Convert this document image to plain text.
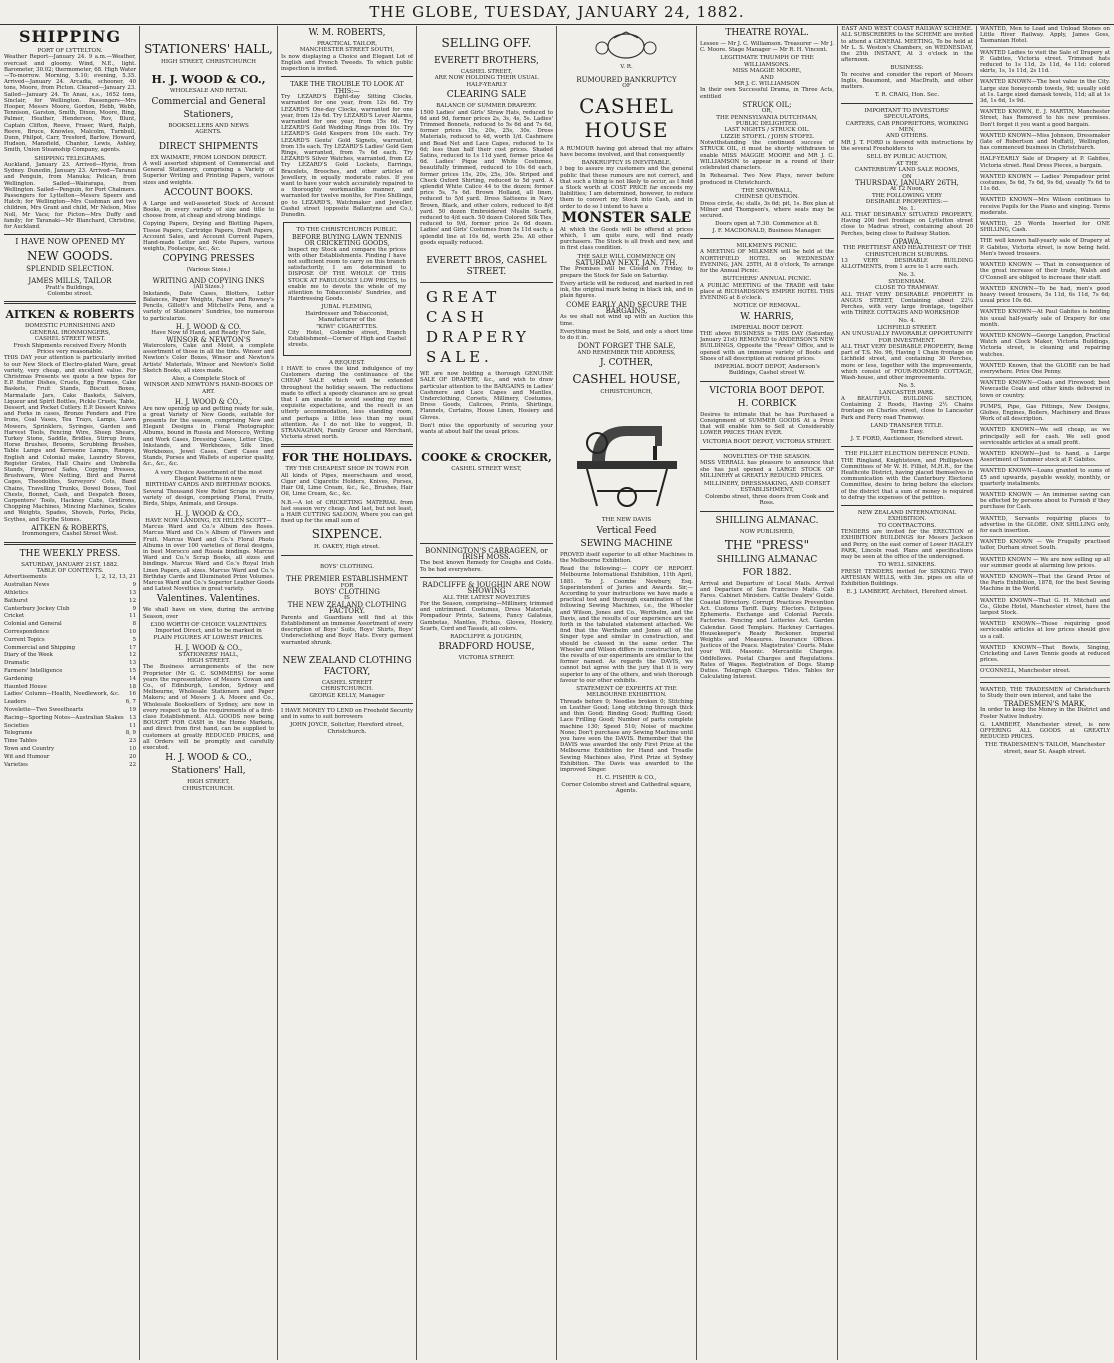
THE GLOBE, TUESDAY, JANUARY 24, 1882.
SHIPPING
PORT OF LYTTELTON.
Weather Report—January 24. 9 a.m.—Weather, overcast and gloomy. Wind, N.E., light. Barometer, 30.02; thermometer, 68. High Water—To-morrow. Morning, 5.10; evening, 5.35. Arrived—January 24. Arcadia, schooner, 40 tons, Moore, from Picton. Cleared—January 23. Sailed—January 24. Te Anau, s.s., 1652 tons, Sinclair, for Wellington. Passengers—Mrs Hooper, Messrs Moore, Gordon, Hebb, Webb, Tennison, Garston, Smith, Dixon, Moore, Bing, Palmer, Heather, Henderson, Rov, Blunt, Captain Clifton, Reeve, Fraser, Ward, Ralph, Reeve, Bruce, Knowles, Malcolm, Turnbull, Dunn, Philpot, Carr, Tresford, Barlow, Howard, Hudson, Mansfield, Chanter, Lewis, Ashley, Smith, Union Steamship Company, agents.
SHIPPING TELEGRAMS.
Auckland, January 23. Arrived—Hyrie, from Sydney. Dunedin, January 23. Arrived—Taranui and Penguin, from Manuka; Pelican, from Wellington. Sailed—Wairarapa, from Wellington. Sailed—Penguin, for Port Chalmers. Passengers for Lyttelton—Messrs Speers and Hatch; for Wellington—Mrs Cushman and two children, Mrs Grant and child, Mr Nelson, Miss Noll, Mr Vace; for Picton—Mrs Duffy and family; for Taranaki—Mr Blanchard, Christine, for Auckland.
I HAVE NOW OPENED MY
NEW GOODS.
SPLENDID SELECTION.
JAMES MILLS, TAILOR
Pratt's Buildings,
Colombo street.
AITKEN & ROBERTS
DOMESTIC FURNISHING AND
GENERAL IRONMONGERS,
CASHEL STREET WEST.
Fresh Shipments received Every Month
Prices very reasonable.
THIS DAY your attention is particularly invited to our New Stock of Electro-plated Ware, great variety, very cheap, and excellent value. For Christmas Presents we quote a few types for E.P. Butter Dishes, Cruets, Egg Frames, Cake Baskets, Fruit Stands, Biscuit Boxes, Marmalade Jars, Cake Baskets, Salvers, Liqueur and Spirit Bottles, Pickle Cruets, Table, Dessert, and Pocket Cutlery. E.P. Dessert Knives and Forks in cases, Bronze Fenders and Fire Irons, Coal Vases, Tea Trays, Lamps, Lawn Mowers, Sprinklers, Syringes, Garden and Harvest Tools, Fencing Wire, Sheep Shears, Turkey Stone, Saddle, Bridles, Stirrup Irons, Horse Brushes, Brooms, Scrubbing Brushes, Table Lamps and Kerosene Lamps, Ranges, English and Colonial make, Laundry Stoves, Register Grates, Hall Chairs and Umbrella Stands, Fireproof Safes, Copying Presses, Brushware, Wire Netting, Bird and Parrot Cages, Theodolites, Surveyors' Cots, Band Chains, Travelling Trunks, Dowel Boxes, Tool Chests, Bonnet, Cash, and Despatch Boxes, Carpenters' Tools, Hackney Cabs, Gridirons, Chopping Machines, Mincing Machines, Scales and Weights, Spades, Shovels, Forks, Picks, Scythes, and Scythe Stones.
AITKEN & ROBERTS,
Ironmongers, Cashel Street West.
THE WEEKLY PRESS.
SATURDAY, JANUARY 21ST, 1882.
TABLE OF CONTENTS.
Advertisements	1, 2, 12, 13, 21
Australian News	9
Athletics	13
Bathurst	12
Canterbury Jockey Club	9
Cricket	11
Colonial and General	8
Correspondence	10
Current Topics	5
Commercial and Shipping	17
Diary of the Week	12
Dramatic	13
Farmers' Intelligence	15
Gardening	14
Haunted House	18
Ladies' Column—Health, Needlework, &c. 16
Leaders	6, 7
Novelette—Two Sweethearts	19
Racing—Sporting Notes—Australian Stakes 13
Societies	11
Telegrams	8, 9
Time Tables	23
Town and Country	10
Wit and Humour	20
Varieties	22
STATIONERS' HALL,
HIGH STREET, CHRISTCHURCH
H. J. WOOD & CO.,
WHOLESALE AND RETAIL
Commercial and General
Stationers,
BOOKSELLERS AND NEWS
AGENTS.
DIRECT SHIPMENTS
EX WAIMATE, FROM LONDON DIRECT.
A well assorted shipment of Commercial and General Stationery, comprising a Variety of Superior Writing and Printing Papers, various sizes and weights.
ACCOUNT BOOKS.
A Large and well-assorted Stock of Account Books, in every variety of size and title to choose from, at cheap and strong bindings.
Copying Papers, Drying and Blotting Papers, Tissue Papers, Cartridge Papers, Draft Papers, Account Sales, and Account Current Papers, Hand-made Letter and Note Papers, various weights, Foolscaps, &c., &c.
COPYING PRESSES
(Various Sizes.)
WRITING AND COPYING INKS
(All Sizes.)
Inkstands, Date Cases, Blotters, Letter Balances, Paper Weights, Faber and Rowney's Pencils, Gillott's and Mitchell's Pens, and a variety of Stationers' Sundries, too numerous to particularize.
H. J. WOOD & CO.
Have Now to Hand, and Ready For Sale,
WINSOR & NEWTON'S
Watercolors, Cake and Moist, a complete assortment of those in all the tints. Winsor and Newton's Color Boxes, Winsor and Newton's Artists' Materials, Winsor and Newton's Solid Sketch Books, all sizes made.
Also, a Complete Stock of
WINSOR AND NEWTON'S HAND-BOOKS OF ART.
H. J. WOOD & CO.,
Are now opening up and getting ready for sale, a great Variety of New Goods, suitable for presents for the season, comprising New and Elegant Designs in Floral Photographic Albums, bound in Russia and Morocco, Writing and Work Cases, Dressing Cases, Letter Clips, Inkstands, and Workboxes, Silk lined Workboxes, Jewel Cases, Card Cases and Stands, Purses and Wallets of superior quality, &c., &c., &c.
A very Choice Assortment of the most Elegant Patterns in new
BIRTHDAY CARDS AND BIRTHDAY BOOKS.
Several Thousand New Relief Scraps in every variety of design, comprising Floral, Fruits, Birds, Ships, Animals, and Groups.
H. J. WOOD & CO.,
HAVE NOW LANDING, EX HELEN SCOTT—
Marcus Ward and Co.'s Album des Roses. Marcus Ward and Co.'s Album of Flowers and Fruit. Marcus Ward and Co.'s Floral Photo Albums in over 100 varieties of floral designs, in best Morocco and Russia bindings. Marcus Ward and Co.'s Scrap Books, all sizes and bindings. Marcus Ward and Co.'s Royal Irish Linen Papers, all sizes. Marcus Ward and Co.'s Birthday Cards and Illuminated Prize Volumes. Marcus Ward and Co.'s Superior Leather Goods and Latest Novelties in great variety.
Valentines. Valentines.
We shall have on view, during the arriving Season, over
£300 WORTH OF CHOICE VALENTINES
Imported Direct, and to be marked in
PLAIN FIGURES AT LOWEST PRICES.
H. J. WOOD & CO.,
STATIONERS' HALL,
HIGH STREET.
The Business arrangements of the new Proprietor (Mr G. C. SOMMERS) for some years the representative of Messrs Cowan and Co., of Edinburgh, London, Sydney and Melbourne, Wholesale Stationers and Paper Makers; and of Messrs J. A. Moore and Co., Wholesale Booksellers of Sydney, are now in every respect up to the requirements of a first-class Establishment. ALL GOODS now being BOUGHT FOR CASH in the Home Markets, and direct from first hand, can be supplied to customers at greatly REDUCED PRICES, and all Orders will be promptly and carefully executed.
H. J. WOOD & CO.,
Stationers' Hall,
HIGH STREET,
CHRISTCHURCH.
W. M. ROBERTS,
PRACTICAL TAILOR,
MANCHESTER STREET SOUTH,
Is now displaying a Choice and Elegant Lot of English and French Tweeds. To which public inspection is invited.
TAKE THE TROUBLE TO LOOK AT THIS:—
Try LEZARD'S Eight-day Sitting Clocks, warranted for one year, from 12s 6d. Try LEZARD'S One-day Clocks, warranted for one year, from 12s 6d. Try LEZARD'S Lever Alarms, warranted for one year, from 15s 6d. Try LEZARD'S Gold Wedding Rings from 10s. Try LEZARD'S Gold Keepers from 10s each. Try LEZARD'S Genta' Gold Signets, warranted, from 15s each. Try LEZARD'S Ladies' Gold Gem Rings, warranted, from 7s 6d each. Try LEZARD'S Silver Watches, warranted, from £2. Try LEZARD'S Gold Lockets, Earrings, Bracelets, Brooches, and other articles of Jewellery, in equally moderate rates. If you want to have your watch accurately repaired to a thoroughly workmanlike manner, and warranted for twelve months, for Five Shillings, go to LEZARD'S, Watchmaker and Jeweller, Cashel street (opposite Ballantyne and Co.), Dunedin.
TO THE CHRISTCHURCH PUBLIC.
BEFORE BUYING LAWN TENNIS OR CRICKETING GOODS,
Inspect my Stock and compare the prices with other Establishments. Finding I have not sufficient room to carry on this branch satisfactorily, I am determined to DISPOSE OF THE WHOLE OF THIS STOCK AT FABULOUSLY LOW PRICES, to enable me to devote the whole of my attention to Tobacconists' Sundries, and Hairdressing Goods.
JUBAL FLEMING,
Hairdresser and Tobacconist, Manufacturer of the
"KIWI" CIGARETTES.
City Hotel, Colombo street, Branch Establishment—Corner of High and Cashel streets.
A REQUEST.
I HAVE to crave the kind indulgence of my Customers during the continuance of the CHEAP SALE which will be extended throughout the holiday season. The reductions made to effect a speedy clearance are so great that I am unable to avoid seeding my most exquisite expectations, and the result is an utterly accommodation, less standing room, and perhaps a little less than my usual attention. As I do not like to suggest, D. STRANAGHAN, Family Grocer and Merchant, Victoria street north.
FOR THE HOLIDAYS.
TRY THE CHEAPEST SHOP IN TOWN FOR
All kinds of Pipes, meerschaum and wood, Cigar and Cigarette Holders, Knives, Purses, Hair Oil, Lime Cream, &c., &c., Brushes, Hair Oil, Lime Cream, &c., &c.
N.B.—A lot of CRICKETING MATERIAL from last season very cheap. And last, but not least, a HAIR CUTTING SALOON, Where you can get fixed up for the small sum of
SIXPENCE.
H. OAKEY, High street.
BOYS' CLOTHING.
THE PREMIER ESTABLISHMENT
FOR
BOYS' CLOTHING
IS
THE NEW ZEALAND CLOTHING FACTORY.
Parents and Guardians will find at this Establishment an immense Assortment of every description of Boys' Suits, Boys' Shirts, Boys' Undersclothing and Boys' Hats. Every garment warranted shrunk.
NEW ZEALAND CLOTHING FACTORY,
CASHEL STREET
CHRISTCHURCH.
GEORGE KELLY, Manager
I HAVE MONEY TO LEND on Freehold Security and in sums to suit borrowers
JOHN JOYCE, Solicitor, Hereford street, Christchurch.
SELLING OFF.
EVERETT BROTHERS,
CASHEL STREET,
ARE NOW HOLDING THEIR USUAL
HALF-YEARLY
CLEARING SALE
BALANCE OF SUMMER DRAPERY.
1500 Ladies' and Girls' Straw Hats, reduced to 6d and 9d, former prices 2s, 3s, 4s, 5s. Ladies' Trimmed Bonnets, reduced to 5s 6d and 7s 6d, former prices 15s, 20s, 25s, 30s. Dress Materials, reduced to 4d, worth 1/d. Cashmere and Bead Net and Lace Capes, reduced to 1s 6d; less than half their cost prices. Shaded Satins, reduced to 1s 11d yard, former price 4s 6d. Ladies' Pique and White Costumes, beautifully trimmed, reduced to 10s 6d each, former prices 15s, 20s, 25s, 30s. Striped and Check Oxford Shirting, reduced to 5d yard. A splendid White Calico 44 to the dozen; former price 5s, 7s 6d. Brown Holland, all linen, reduced to 5/d yard. Dress Satteens in Navy Brown, Black, and other colors, reduced to 8/d yard. 50 dozen Embroidered Muslin Scarfs, reduced to 4/d each. 50 dozen Colored Silk Ties, reduced to 9/d, former price 2s 6d dozen. Ladies' and Girls' Costumes from 5s 11d each; a splendid line at 10s 6d, worth 25s. All other goods equally reduced.
EVERETT BROS, CASHEL STREET.
GREAT CASH DRAPERY SALE.
WE are now holding a thorough GENUINE SALE OF DRAPERY, &c., and wish to draw particular attention to the BARGAINS in Ladies' Cashmere and Lace Capes and Mantles, Underclothing, Corsets, Millinery, Costumes, Dress Goods, Calicoes, Prints, Shirtings, Flannels, Curtains, House Linen, Hosiery and Gloves.
Don't miss the opportunity of securing your wants at about half the usual prices.
COOKE & CROCKER,
CASHEL STREET WEST,
BONNINGTON'S CARRAGEEN, or IRISH MOSS.
The best known Remedy for Coughs and Colds. To be had everywhere.
RADCLIFFE & JOUGHIN ARE NOW SHOWING
ALL THE LATEST NOVELTIES
For the Season, comprising—Millinery, trimmed and untrimmed. Costumes, Dress Materials, Pompadour Prints, Sateens, Fancy Galateas, Gambetas, Mantles, Fichus, Gloves, Hosiery, Scarfs, Cord and Tassels, all colors.
RADCLIFFE & JOUGHIN,
BRADFORD HOUSE,
VICTORIA STREET.
V. R.
RUMOURED BANKRUPTCY
OF
CASHEL HOUSE
A RUMOUR having got abroad that my affairs have become involved, and that consequently
BANKRUPTCY IS INEVITABLE,
I beg to assure my customers and the general public that these rumours are not correct, and that such a thing is not likely to occur, as I hold a Stock worth at COST PRICE far exceeds my liabilities; I am determined, however, to reduce them to convert my Stock into Cash, and in order to do so I intend to have a
MONSTER SALE
At which the Goods will be offered at prices which, I am quite sure, will find ready purchasers. The Stock is all fresh and new, and in first class condition.
THE SALE WILL COMMENCE ON
SATURDAY NEXT, JAN. 7TH.
The Premises will be Closed on Friday, to prepare the Stock for Sale on Saturday.
Every article will be reduced, and marked in red ink, the original mark being in black ink, and in plain figures.
COME EARLY AND SECURE THE BARGAINS,
As we shall not wind up with an Auction this time.
Everything must be Sold, and only a short time to do it in.
DONT FORGET THE SALE,
AND REMEMBER THE ADDRESS,
J. COTHER,
CASHEL HOUSE,
CHRISTCHURCH,
THE NEW DAVIS
Vertical Feed
SEWING MACHINE
PROVED itself superior to all other Machines in the Melbourne Exhibition.
Read the following:— COPY OF REPORT. Melbourne International Exhibition, 11th April, 1881. To J. Coombe Newbury, Esq. Superintendent of Juries and Awards. Sir,—According to your instructions we have made a practical test and thorough examination of the following Sewing Machines, i.e., the Wheeler and Wilson, Jones and Co., Werthelm, and the Davis, and the results of our experience are set forth in the tabulated statement attached. We find that the Werthelm and Jones all of the Singer type and similar in construction, and should be classed in the same order. The Wheeler and Wilson differs in construction, but the results of our experiments are similar to the former named. As regards the DAVIS, we cannot but agree with the jury that it is very superior to any of the others, and wish thorough favour to our other exhibits.
STATEMENT OF EXPERTS AT THE MELBOURNE EXHIBITION.
Threads before 0; Needles broken 0; Stitching on Leather Good; Long stitching through thick and thin Good; Binding Good; Ruffling Good; Lace Frilling Good; Number of parts complete machine 130; Speed 510; Noise of machine None; Don't purchase any Sewing Machine until you have seen the DAVIS. Remember that the DAVIS was awarded the only First Prize at the Melbourne Exhibition for Hand and Treadle Sewing Machines also, First Prize at Sydney Exhibition. The Davis was awarded to the improved Singer.
H. C. FISHER & CO.,
Corner Colombo street and Cathedral square, Agents.
THEATRE ROYAL.
Lessee — Mr J. C. Williamson. Treasurer — Mr J. C. Moore. Stage Manager — Mr R. H. Vincent.
LEGITIMATE TRIUMPH OF THE WILLIAMSONS.
MISS MAGGIE MOORE,
AND
MR J. C. WILLIAMSON
In their own Successful Drama, in Three Acts, entitled
STRUCK OIL;
OR,
THE PENNSYLVANIA DUTCHMAN,
PUBLIC DELIGHTED.
LAST NIGHTS / STRUCK OIL.
LIZZIE STOFEL / JOHN STOFEL
Notwithstanding the continued success of STRUCK OIL, it must be shortly withdrawn to enable MISS MAGGIE MOORE and MR J. C. WILLIAMSON to appear in a round of their celebrated characters.
In Rehearsal. Two New Plays, never before produced in Christchurch.
THE SNOWBALL,
CHINESE QUESTION.
Dress circle, 4s; stalls, 3s 6d; pit, 1s. Box plan at Milner and Thompson's, where seats may be secured.
Doors open at 7.30. Commence at 8.
J. F. MACDONALD, Business Manager.
MILKMEN'S PICNIC.
A MEETING OF MILKMEN will be held at the NORTHFIELD HOTEL on WEDNESDAY EVENING, JAN. 25TH, At 8 o'clock, To arrange for the Annual Picnic.
BUTCHERS' ANNUAL PICNIC.
A PUBLIC MEETING of the TRADE will take place at RICHARDSON'S EMPIRE HOTEL THIS EVENING at 8 o'clock.
NOTICE OF REMOVAL.
W. HARRIS,
IMPERIAL BOOT DEPOT.
THE above BUSINESS is THIS DAY (Saturday, January 21st) REMOVED to ANDERSON'S NEW BUILDINGS, Opposite the "Press" Office, and is opened with an immense variety of Boots and Shoes of all description at reduced prices.
IMPERIAL BOOT DEPOT, Anderson's Buildings, Cashel street W.
VICTORIA BOOT DEPOT.
H. CORBICK
Desires to intimate that he has Purchased a Consignment of SUMMER GOODS At a Price that will enable him to Sell at Considerably LOWER PRICES THAN EVER.
VICTORIA BOOT DEPOT, VICTORIA STREET.
NOVELTIES OF THE SEASON.
MISS VERRALL has pleasure to announce that she has just opened a LARGE STOCK OF MILLINERY at GREATLY REDUCED PRICES.
MILLINERY, DRESSMAKING, AND CORSET ESTABLISHMENT,
Colombo street, three doors from Cook and Ross.
SHILLING ALMANAC.
NOW PUBLISHED,
THE "PRESS"
SHILLING ALMANAC
FOR 1882.
Arrival and Departure of Local Mails. Arrival and Departure of San Francisco Mails. Cab Fares. Cabinet Ministers. Cattle Dealers' Guide. Coastal Directory. Corrupt Practices Prevention Act. Customs Tariff. Dairy. Electors. Eclipses. Ephemeris. Exchange and Colonial Parcels. Factories. Fencing and Lotteries Act. Garden Calendar. Good Templars. Hackney Carriages. Housekeeper's Ready Reckoner. Imperial Weights and Measures. Insurance Offices. Justices of the Peace. Magistrates' Courts. Make your Will. Masonic. Mercantile Charges. Oddfellows. Postal Charges and Regulations. Rates of Wages. Registration of Dogs. Stamp Duties. Telegraph Charges. Tides. Tables for Calculating Interest.
EAST AND WEST COAST RAILWAY SCHEME.
ALL SUBSCRIBERS to the SCHEME are invited to attend a GENERAL MEETING, To be held at Mr L. S. Weston's Chambers, on WEDNESDAY, the 25th INSTANT, At 3 o'clock in the afternoon.
BUSINESS:
To receive and consider the report of Messrs Inglis, Beaumont, and MacDrath, and other matters.
T. R. CRAIG, Hon. Sec.
IMPORTANT TO INVESTORS' SPECULATORS,
CARTERS, CAB PROPRIETORS, WORKING MEN,
AND OTHERS.
MR J. T. FORD is favored with instructions by the several Freeholders to
SELL BY PUBLIC AUCTION,
AT THE
CANTERBURY LAND SALE ROOMS,
ON
THURSDAY, JANUARY 26TH,
At 12 Noon,
THE FOLLOWING VERY
DESIRABLE PROPERTIES:—
No. 1.
ALL THAT DESIRABLY SITUATED PROPERTY, Having 200 feet frontage on Lyttelton street close to Madras street, containing about 20 Perches, being close to Railway Station.
OPAWA.
THE PRETTIEST AND HEALTHIEST OF THE CHRISTCHURCH SUBURBS.
13 VERY DESIRABLE BUILDING ALLOTMENTS, from 1 acre to 1 acre each.
No. 3.
SYDENHAM.
CLOSE TO TRAMWAY.
ALL THAT VERY DESIRABLE PROPERTY in ANGUS STREET, Containing about 22¼ Perches, with very large frontage, together with THREE COTTAGES AND WORKSHOP.
No. 4.
LICHFIELD STREET.
AN UNUSUALLY FAVORABLE OPPORTUNITY FOR INVESTMENT.
ALL THAT VERY DESIRABLE PROPERTY, Being part of T.S. No. 96, Having 1 Chain frontage on Lichfield street, and containing 30 Perches, more or less, together with the improvements, which consist of FOUR-ROOMED COTTAGE, Wash-house, and other improvements.
No. 5.
LANCASTER PARK.
A BEAUTIFUL BUILDING SECTION, Containing 2 Roods, Having 2½ Chains frontage on Charles street, close to Lancaster Park and Ferry road Tramway.
LAND TRANSFER TITLE.
Terms Easy.
J. T. FORD, Auctioneer, Hereford street.
THE FILLIET ELECTION DEFENCE FUND.
THE Ringland, Knightstown, and Phillipstown Committees of Mr W. H. Filliet, M.H.R., for the Heathcote District, having placed themselves in communication with the Canterbury Electoral Committee, desire to bring before the electors of the district that a sum of money is required to defray the expenses of the petition.
NEW ZEALAND INTERNATIONAL EXHIBITION.
TO CONTRACTORS.
TENDERS are invited for the ERECTION of EXHIBITION BUILDINGS for Messrs Jackson and Perry, on the east corner of Lower HAGLEY PARK, Lincoln road. Plans and specifications may be seen at the office of the undersigned.
TO WELL SINKERS.
FRESH TENDERS invited for SINKING TWO ARTESIAN WELLS, with 3in. pipes on site of Exhibition Buildings.
E. J. LAMBERT, Architect, Hereford street.
WANTED, Men to Load and Unload Stones on Little River Railway. Apply, James Goss, Tasmanian Hotel.
WANTED Ladies to visit the Sale of Drapery at P. Gabites, Victoria street. Trimmed hats reduced to 1s 11d, 2s 11d, 4s 11d; colored skirts, 1s, 1s 11d, 2s 11d.
WANTED KNOWN—The best value in the City. Large size honeycomb towels, 9d; usually sold at 1s. Large sized damask towels, 11d; all at 1s 3d, 1s 6d, 1s 9d.
WANTED KNOWN, E. J. MARTIN, Manchester Street, has Removed to his new premises. Don't forget it you want a good bargain.
WANTED KNOWN—Miss Johnson, Dressmaker (late of Robertson and Moffatt), Wellington, has commenced business in Christchurch.
HALF-YEARLY Sale of Drapery at P. Gabites, Victoria street. Real Dress Pieces, a bargain.
WANTED KNOWN — Ladies' Pompadour print costumes, 5s 6d, 7s 6d, 9s 6d, usually 7s 6d to 11s 6d.
WANTED KNOWN—Mrs Wilson continues to receive Pupils for the Piano and singing. Terms moderate.
WANTED, 25 Words Inserted for ONE SHILLING, Cash.
THE well known half-yearly sale of Drapery at P. Gabites, Victoria street, is now being held. Men's tweed trousers.
WANTED KNOWN — That in consequence of the great increase of their trade, Walsh and O'Connell are obliged to increase their staff.
WANTED KNOWN—To be had, men's good heavy tweed trousers, 5s 11d, 6s 11d, 7s 6d; usual price 10s 6d.
WANTED KNOWN—At Paul Gabites is holding his usual half-yearly sale of Drapery for one month.
WANTED KNOWN—George Langdon, Practical Watch and Clock Maker, Victoria Buildings, Victoria street, is cleaning and repairing watches.
WANTED Known, that the GLOBE can be had everywhere. Price One Penny.
WANTED KNOWN—Coals and Firewood; best Newcastle Coals and other kinds delivered in town or country.
PUMPS, Pipe, Gas Fittings, New Designs, Globes, Engines, Boilers, Machinery and Brass Work of all description.
WANTED KNOWN—We sell cheap, as we principally sell for cash. We sell good serviceable articles at a small profit.
WANTED KNOWN—Just to hand, a Large Assortment of Summer stock at P. Gabites.
WANTED KNOWN—Loans granted to sums of £5 and upwards, payable weekly, monthly, or quarterly instalments.
WANTED KNOWN — An immense saving can be effected by persons about to Furnish if they purchase for Cash.
WANTED, Servants requiring places to advertise in the GLOBE. ONE SHILLING only, for each insertion.
WANTED KNOWN — We Frugally practised tailor, Durham street South.
WANTED KNOWN — We are now selling up all our summer goods at alarming low prices.
WANTED KNOWN—That the Grand Prize of the Paris Exhibition, 1878, for the best Sewing Machine in the World.
WANTED KNOWN—That G. H. Mitchell and Co., Globe Hotel, Manchester street, have the largest Stock.
WANTED KNOWN—Those requiring good serviceable articles at low prices should give us a call.
WANTED KNOWN—That Bowls, Singing, Cricketing and Lawn Tennis goods at reduced prices.
O'CONNELL, Manchester street.
WANTED, THE TRADESMEN of Christchurch to Study their own interest, and take the
TRADESMEN'S MARK,
In order to keep the Money in the District and Foster Native Industry.
G. LAMBERT, Manchester street, is now OFFERING ALL GOODS at GREATLY REDUCED PRICES.
THE TRADESMEN'S TAILOR, Manchester street, near St. Asaph street.
